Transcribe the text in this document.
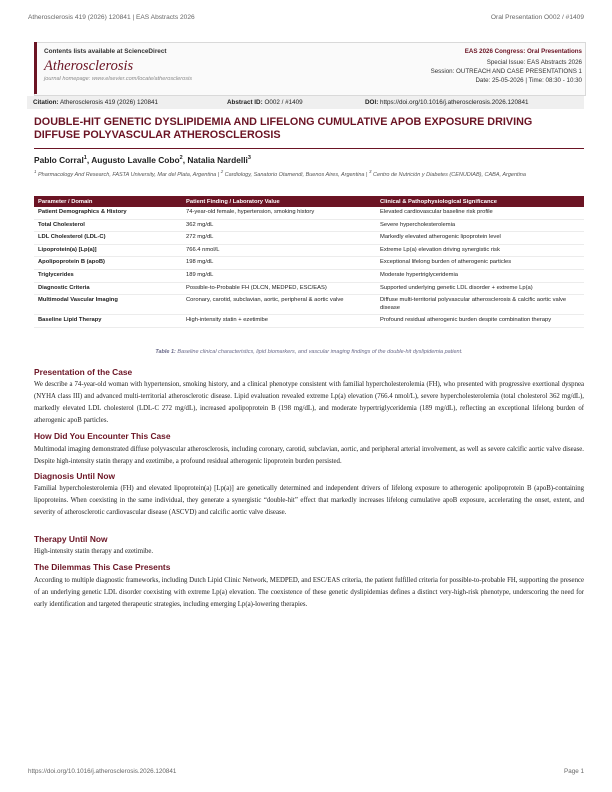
Atherosclerosis 419 (2026) 120841 | EAS Abstracts 2026	Oral Presentation O002 / #1409
Contents lists available at ScienceDirect
Atherosclerosis
journal homepage: www.elsevier.com/locate/atherosclerosis
EAS 2026 Congress: Oral Presentations
Special Issue: EAS Abstracts 2026
Session: OUTREACH AND CASE PRESENTATIONS 1
Date: 25-05-2026 | Time: 08:30 - 10:30
Citation: Atherosclerosis 419 (2026) 120841	Abstract ID: O002 / #1409	DOI: https://doi.org/10.1016/j.atherosclerosis.2026.120841
DOUBLE-HIT GENETIC DYSLIPIDEMIA AND LIFELONG CUMULATIVE APOB EXPOSURE DRIVING
DIFFUSE POLYVASCULAR ATHEROSCLEROSIS
Pablo Corral$^1$, Augusto Lavalle Cobo$^2$, Natalia Nardelli$^3$
$^1$ Pharmacology And Research, FASTA University, Mar del Plata, Argentina | $^2$ Cardiology, Sanatorio Otamendi, Buenos Aires, Argentina | $^3$ Centro de Nutrición y Diabetes (CENUDIAB), CABA, Argentina
Parameter / Domain	Patient Finding / Laboratory Value	Clinical & Pathophysiological Significance
Patient Demographics & History	74-year-old female, hypertension, smoking history	Elevated cardiovascular baseline risk profile
Total Cholesterol	362 mg/dL	Severe hypercholesterolemia
LDL Cholesterol (LDL-C)	272 mg/dL	Markedly elevated atherogenic lipoprotein level
Lipoprotein(a) [Lp(a)]	766.4 nmol/L	Extreme Lp(a) elevation driving synergistic risk
Apolipoprotein B (apoB)	198 mg/dL	Exceptional lifelong burden of atherogenic particles
Triglycerides	189 mg/dL	Moderate hypertriglyceridemia
Diagnostic Criteria	Possible-to-Probable FH (DLCN, MEDPED, ESC/EAS)	Supported underlying genetic LDL disorder + extreme Lp(a)
Multimodal Vascular Imaging	Coronary, carotid, subclavian, aortic, peripheral & aortic valve	Diffuse multi-territorial polyvascular atherosclerosis & calcific aortic valve disease
Baseline Lipid Therapy	High-intensity statin + ezetimibe	Profound residual atherogenic burden despite combination therapy
Table 1: Baseline clinical characteristics, lipid biomarkers, and vascular imaging findings of the double-hit dyslipidemia patient.
Presentation of the Case
We describe a 74-year-old woman with hypertension, smoking history, and a clinical phenotype consistent with familial hypercholesterolemia (FH), who presented with progressive exertional dyspnea (NYHA class III) and advanced multi-territorial atherosclerotic disease. Lipid evaluation revealed extreme Lp(a) elevation (766.4 nmol/L), severe hypercholesterolemia (total cholesterol 362 mg/dL), markedly elevated LDL cholesterol (LDL-C 272 mg/dL), increased apolipoprotein B (198 mg/dL), and moderate hypertriglyceridemia (189 mg/dL), reflecting an exceptional lifelong burden of atherogenic apoB particles.
How Did You Encounter This Case
Multimodal imaging demonstrated diffuse polyvascular atherosclerosis, including coronary, carotid, subclavian, aortic, and peripheral arterial involvement, as well as severe calcific aortic valve disease. Despite high-intensity statin therapy and ezetimibe, a profound residual atherogenic lipoprotein burden persisted.
Diagnosis Until Now
Familial hypercholesterolemia (FH) and elevated lipoprotein(a) [Lp(a)] are genetically determined and independent drivers of lifelong exposure to atherogenic apolipoprotein B (apoB)-containing lipoproteins. When coexisting in the same individual, they generate a synergistic “double-hit” effect that markedly increases lifelong cumulative apoB exposure, accelerating the onset, extent, and severity of atherosclerotic cardiovascular disease (ASCVD) and calcific aortic valve disease.
Therapy Until Now
High-intensity statin therapy and ezetimibe.
The Dilemmas This Case Presents
According to multiple diagnostic frameworks, including Dutch Lipid Clinic Network, MEDPED, and ESC/EAS criteria, the patient fulfilled criteria for possible-to-probable FH, supporting the presence of an underlying genetic LDL disorder coexisting with extreme Lp(a) elevation. The coexistence of these genetic dyslipidemias defines a distinct very-high-risk phenotype, underscoring the need for early identification and targeted therapeutic strategies, including emerging Lp(a)-lowering therapies.
https://doi.org/10.1016/j.atherosclerosis.2026.120841	Page 1
